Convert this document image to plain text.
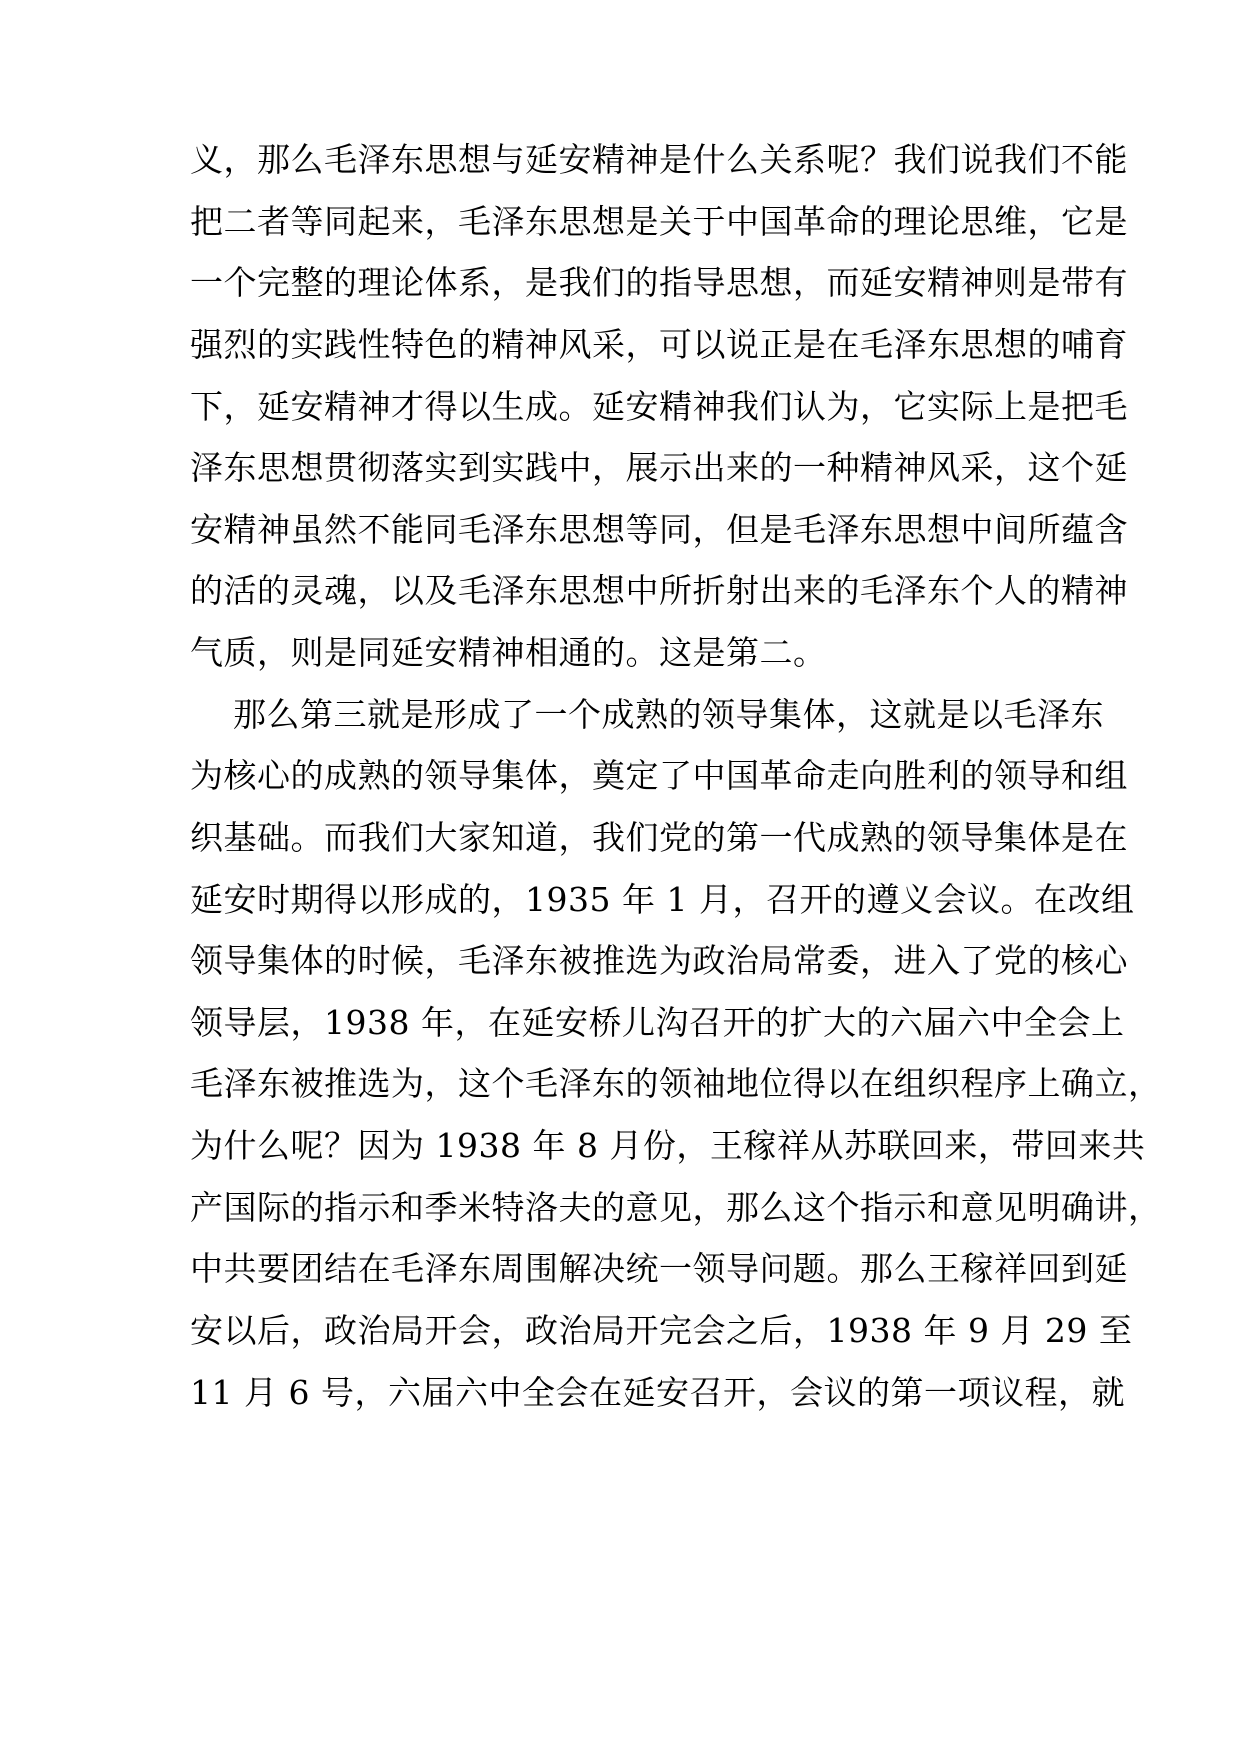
义，那么毛泽东思想与延安精神是什么关系呢？我们说我们不能
把二者等同起来，毛泽东思想是关于中国革命的理论思维，它是
一个完整的理论体系，是我们的指导思想，而延安精神则是带有
强烈的实践性特色的精神风采，可以说正是在毛泽东思想的哺育
下，延安精神才得以生成。延安精神我们认为，它实际上是把毛
泽东思想贯彻落实到实践中，展示出来的一种精神风采，这个延
安精神虽然不能同毛泽东思想等同，但是毛泽东思想中间所蕴含
的活的灵魂，以及毛泽东思想中所折射出来的毛泽东个人的精神
气质，则是同延安精神相通的。这是第二。
那么第三就是形成了一个成熟的领导集体，这就是以毛泽东
为核心的成熟的领导集体，奠定了中国革命走向胜利的领导和组
织基础。而我们大家知道，我们党的第一代成熟的领导集体是在
延安时期得以形成的，1935 年 1 月，召开的遵义会议。在改组
领导集体的时候，毛泽东被推选为政治局常委，进入了党的核心
领导层，1938 年，在延安桥儿沟召开的扩大的六届六中全会上
毛泽东被推选为，这个毛泽东的领袖地位得以在组织程序上确立，
为什么呢？因为 1938 年 8 月份，王稼祥从苏联回来，带回来共
产国际的指示和季米特洛夫的意见，那么这个指示和意见明确讲，
中共要团结在毛泽东周围解决统一领导问题。那么王稼祥回到延
安以后，政治局开会，政治局开完会之后，1938 年 9 月 29 至
11 月 6 号，六届六中全会在延安召开，会议的第一项议程，就
